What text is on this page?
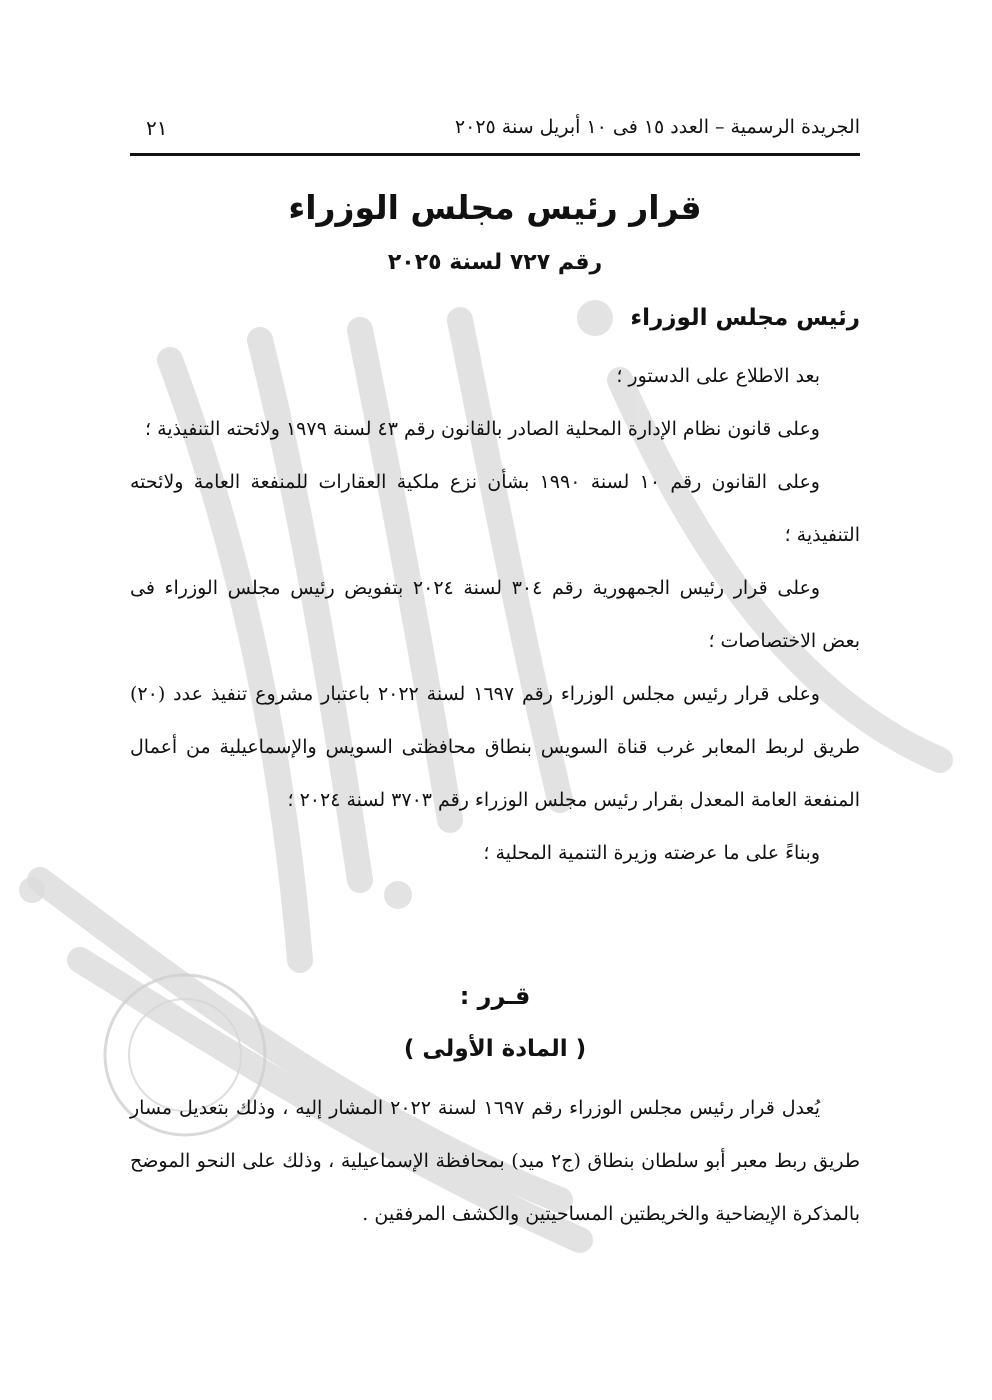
الجريدة الرسمية – العدد ١٥ فى ١٠ أبريل سنة ٢٠٢٥
٢١
قرار رئيس مجلس الوزراء
رقم ٧٢٧ لسنة ٢٠٢٥
رئيس مجلس الوزراء

بعد الاطلاع على الدستور ؛

وعلى قانون نظام الإدارة المحلية الصادر بالقانون رقم ٤٣ لسنة ١٩٧٩ ولائحته التنفيذية ؛

وعلى القانون رقم ١٠ لسنة ١٩٩٠ بشأن نزع ملكية العقارات للمنفعة العامة ولائحته التنفيذية ؛

وعلى قرار رئيس الجمهورية رقم ٣٠٤ لسنة ٢٠٢٤ بتفويض رئيس مجلس الوزراء فى بعض الاختصاصات ؛

وعلى قرار رئيس مجلس الوزراء رقم ١٦٩٧ لسنة ٢٠٢٢ باعتبار مشروع تنفيذ عدد (٢٠) طريق لربط المعابر غرب قناة السويس بنطاق محافظتى السويس والإسماعيلية من أعمال المنفعة العامة المعدل بقرار رئيس مجلس الوزراء رقم ٣٧٠٣ لسنة ٢٠٢٤ ؛

وبناءً على ما عرضته وزيرة التنمية المحلية ؛

قـرر :
( المادة الأولى )

يُعدل قرار رئيس مجلس الوزراء رقم ١٦٩٧ لسنة ٢٠٢٢ المشار إليه ، وذلك بتعديل مسار طريق ربط معبر أبو سلطان بنطاق (ج٢ ميد) بمحافظة الإسماعيلية ، وذلك على النحو الموضح بالمذكرة الإيضاحية والخريطتين المساحيتين والكشف المرفقين .
